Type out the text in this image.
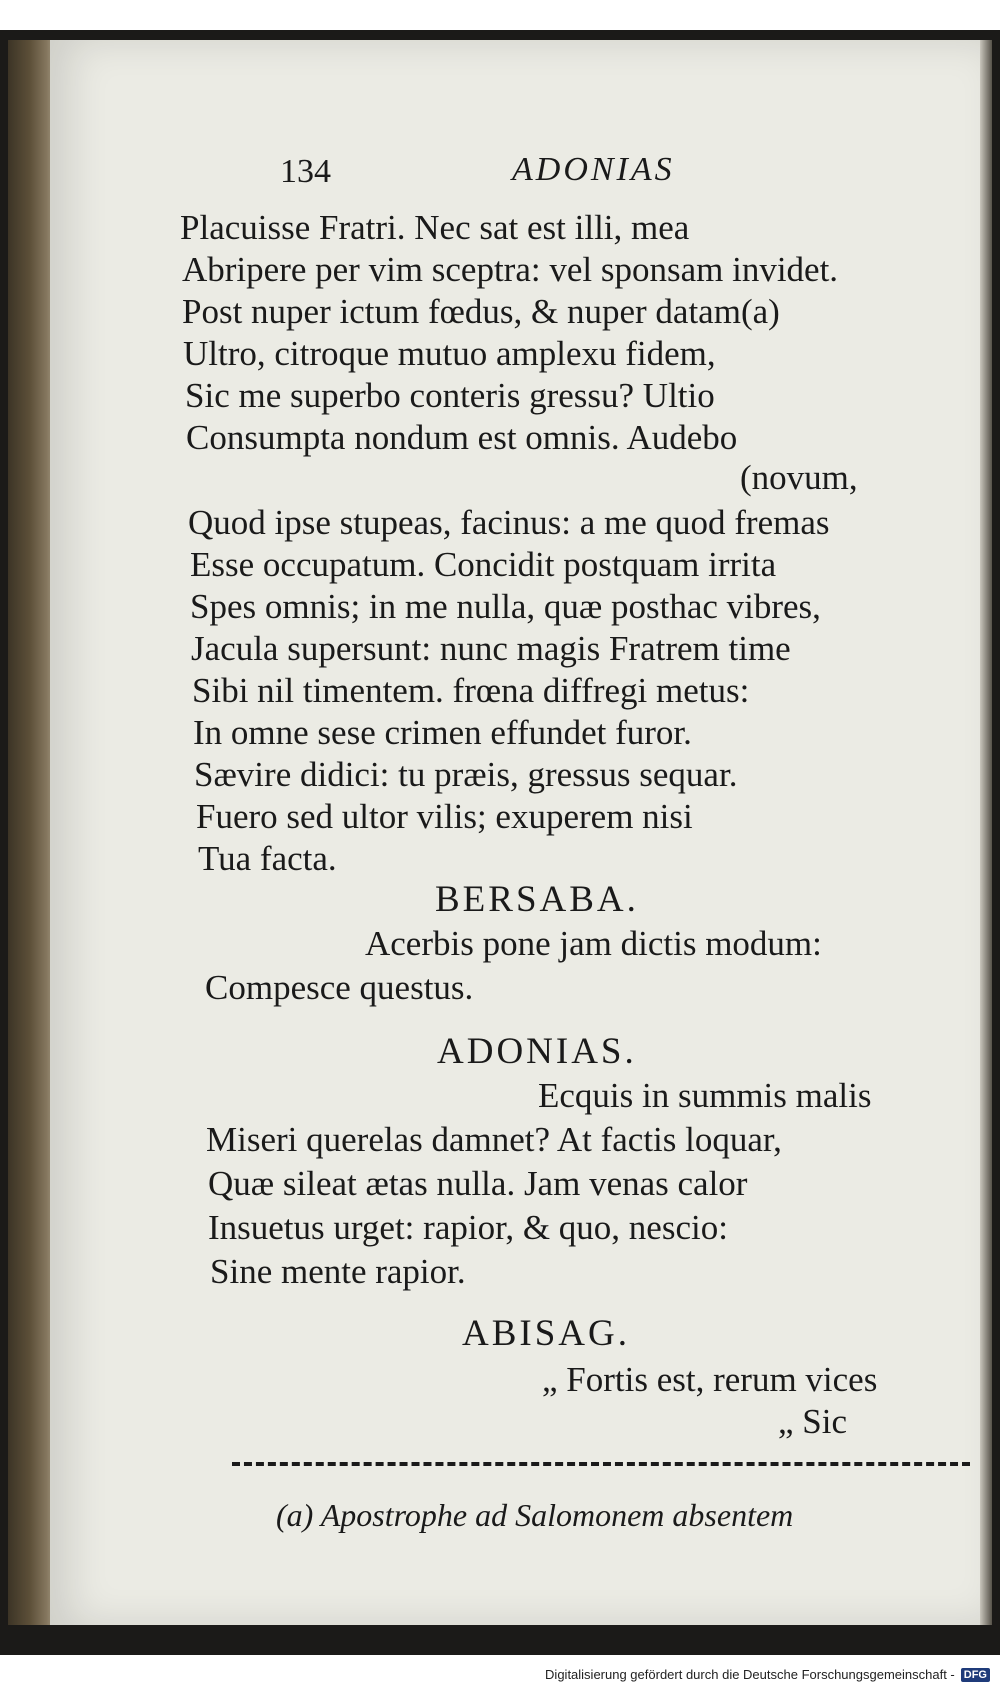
134	ADONIAS
Placuisse Fratri. Nec sat est illi, mea
Abripere per vim sceptra: vel sponsam invidet.
Post nuper ictum fœdus, & nuper datam(a)
Ultro, citroque mutuo amplexu fidem,
Sic me superbo conteris gressu? Ultio
Consumpta nondum est omnis. Audebo
(novum,
Quod ipse stupeas, facinus: a me quod fremas
Esse occupatum. Concidit postquam irrita
Spes omnis; in me nulla, quæ posthac vibres,
Jacula supersunt: nunc magis Fratrem time
Sibi nil timentem. frœna diffregi metus:
In omne sese crimen effundet furor.
Sævire didici: tu præis, gressus sequar.
Fuero sed ultor vilis; exuperem nisi
Tua facta.
BERSABA.
Acerbis pone jam dictis modum:
Compesce questus.
ADONIAS.
Ecquis in summis malis
Miseri querelas damnet? At factis loquar,
Quæ sileat ætas nulla. Jam venas calor
Insuetus urget: rapior, & quo, nescio:
Sine mente rapior.
ABISAG.
„ Fortis est, rerum vices
„ Sic
(a) Apostrophe ad Salomonem absentem
Digitalisierung gefördert durch die Deutsche Forschungsgemeinschaft - DFG
